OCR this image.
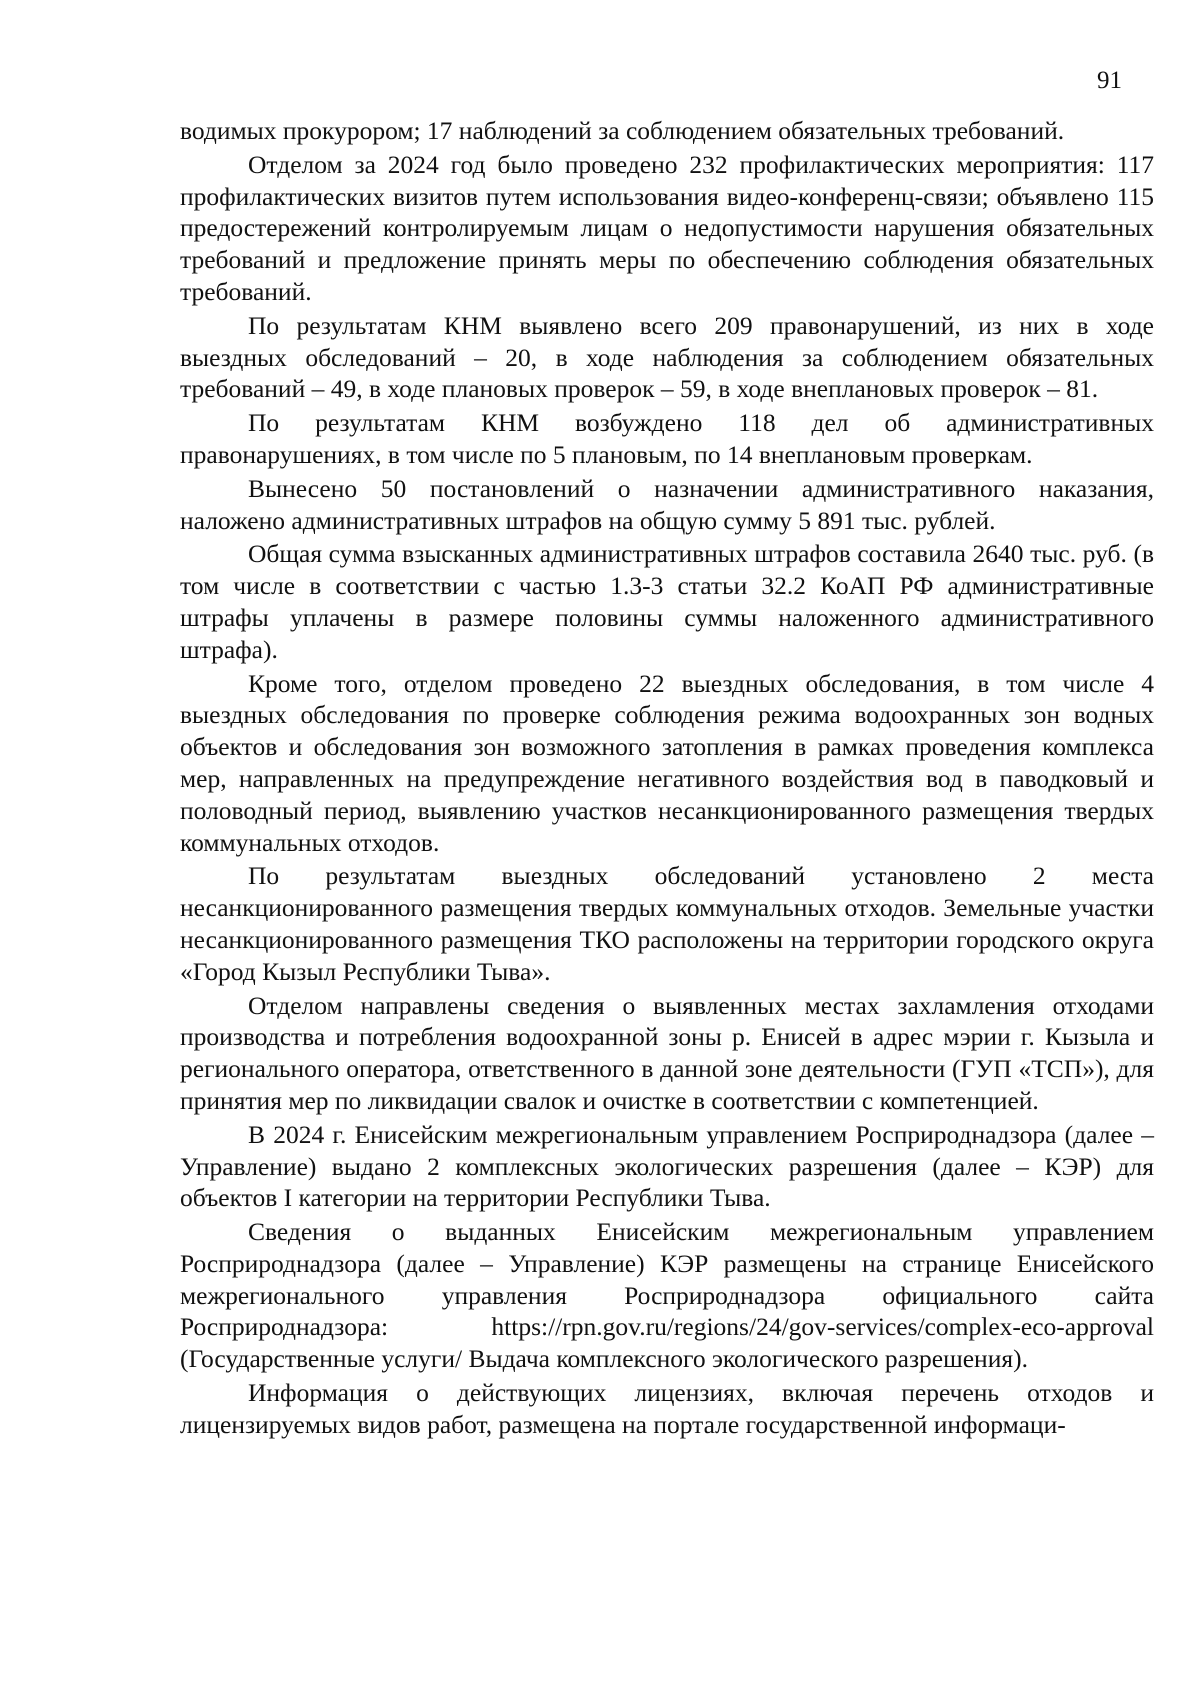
91

водимых прокурором; 17 наблюдений за соблюдением обязательных требований.

Отделом за 2024 год было проведено 232 профилактических мероприятия: 117 профилактических визитов путем использования видео-конференц-связи; объявлено 115 предостережений контролируемым лицам о недопустимости нарушения обязательных требований и предложение принять меры по обеспечению соблюдения обязательных требований.

По результатам КНМ выявлено всего 209 правонарушений, из них в ходе выездных обследований – 20, в ходе наблюдения за соблюдением обязательных требований – 49, в ходе плановых проверок – 59, в ходе внеплановых проверок – 81.

По результатам КНМ возбуждено 118 дел об административных правонарушениях, в том числе по 5 плановым, по 14 внеплановым проверкам.

Вынесено 50 постановлений о назначении административного наказания, наложено административных штрафов на общую сумму 5 891 тыс. рублей.

Общая сумма взысканных административных штрафов составила 2640 тыс. руб. (в том числе в соответствии с частью 1.3-3 статьи 32.2 КоАП РФ административные штрафы уплачены в размере половины суммы наложенного административного штрафа).

Кроме того, отделом проведено 22 выездных обследования, в том числе 4 выездных обследования по проверке соблюдения режима водоохранных зон водных объектов и обследования зон возможного затопления в рамках проведения комплекса мер, направленных на предупреждение негативного воздействия вод в паводковый и половодный период, выявлению участков несанкционированного размещения твердых коммунальных отходов.

По результатам выездных обследований установлено 2 места несанкционированного размещения твердых коммунальных отходов. Земельные участки несанкционированного размещения ТКО расположены на территории городского округа «Город Кызыл Республики Тыва».

Отделом направлены сведения о выявленных местах захламления отходами производства и потребления водоохранной зоны р. Енисей в адрес мэрии г. Кызыла и регионального оператора, ответственного в данной зоне деятельности (ГУП «ТСП»), для принятия мер по ликвидации свалок и очистке в соответствии с компетенцией.

В 2024 г. Енисейским межрегиональным управлением Росприроднадзора (далее – Управление) выдано 2 комплексных экологических разрешения (далее – КЭР) для объектов I категории на территории Республики Тыва.

Сведения о выданных Енисейским межрегиональным управлением Росприроднадзора (далее – Управление) КЭР размещены на странице Енисейского межрегионального управления Росприроднадзора официального сайта Росприроднадзора: https://rpn.gov.ru/regions/24/gov-services/complex-eco-approval (Государственные услуги/ Выдача комплексного экологического разрешения).

Информация о действующих лицензиях, включая перечень отходов и лицензируемых видов работ, размещена на портале государственной информаци-
